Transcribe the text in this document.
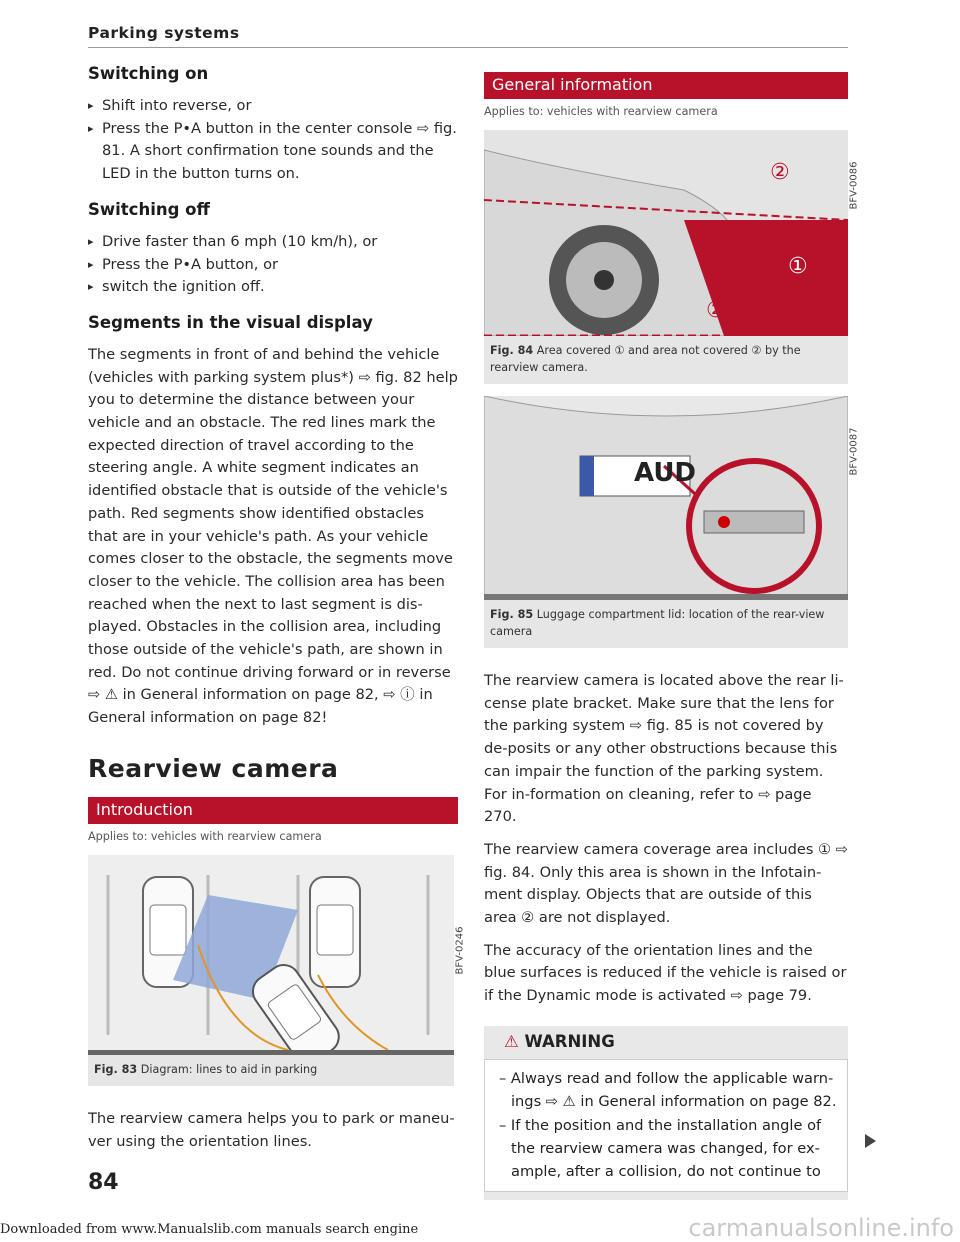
Parking systems
Switching on
▸ Shift into reverse, or
▸ Press the P•A button in the center console ⇨ fig. 81. A short confirmation tone sounds and the LED in the button turns on.
Switching off
▸ Drive faster than 6 mph (10 km/h), or
▸ Press the P•A button, or
▸ switch the ignition off.
Segments in the visual display

The segments in front of and behind the vehicle (vehicles with parking system plus*) ⇨ fig. 82 help you to determine the distance between your vehicle and an obstacle. The red lines mark the expected direction of travel according to the steering angle. A white segment indicates an identified obstacle that is outside of the vehicle's path. Red segments show identified obstacles that are in your vehicle's path. As your vehicle comes closer to the obstacle, the segments move closer to the vehicle. The collision area has been reached when the next to last segment is dis-played. Obstacles in the collision area, including those outside of the vehicle's path, are shown in red. Do not continue driving forward or in reverse ⇨ ⚠ in General information on page 82, ⇨ ⓘ in General information on page 82!

Rearview camera
Introduction
Applies to: vehicles with rearview camera
BFV-0246
Fig. 83 Diagram: lines to aid in parking

The rearview camera helps you to park or maneu-ver using the orientation lines.

General information
Applies to: vehicles with rearview camera
②
①
②
BFV-0086
Fig. 84 Area covered ① and area not covered ② by the rearview camera.
AUD	BFV-0087
Fig. 85 Luggage compartment lid: location of the rear-view camera

The rearview camera is located above the rear li-cense plate bracket. Make sure that the lens for the parking system ⇨ fig. 85 is not covered by de-posits or any other obstructions because this can impair the function of the parking system. For in-formation on cleaning, refer to ⇨ page 270.

The rearview camera coverage area includes ① ⇨ fig. 84. Only this area is shown in the Infotain-ment display. Objects that are outside of this area ② are not displayed.

The accuracy of the orientation lines and the blue surfaces is reduced if the vehicle is raised or if the Dynamic mode is activated ⇨ page 79.

⚠ WARNING
– Always read and follow the applicable warn-ings ⇨ ⚠ in General information on page 82.
– If the position and the installation angle of the rearview camera was changed, for ex-ample, after a collision, do not continue to
84
Downloaded from www.Manualslib.com manuals search engine	carmanualsonline.info
